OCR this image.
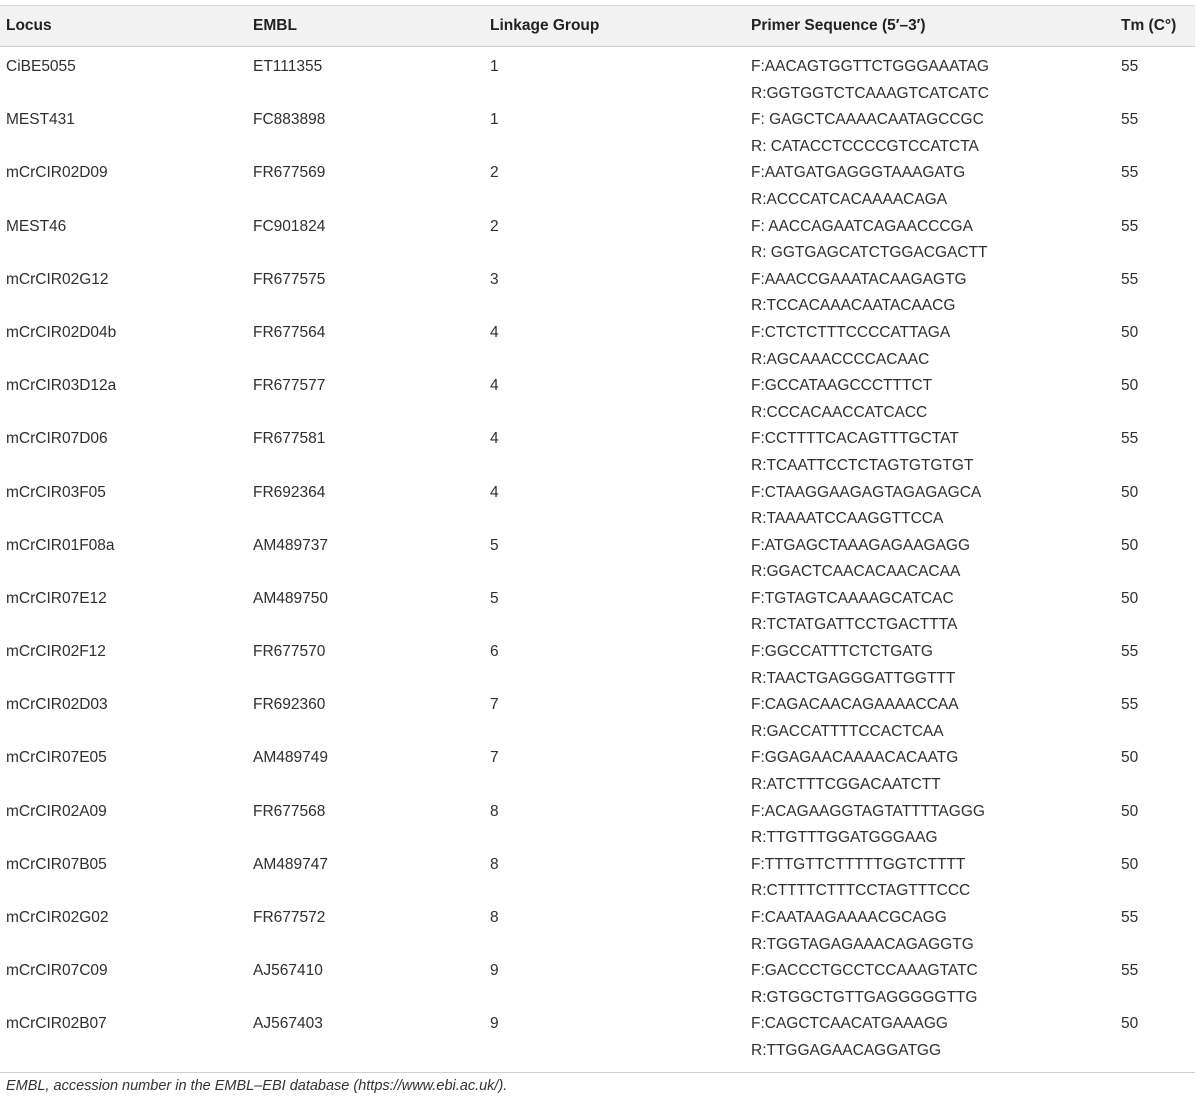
Locus	EMBL	Linkage Group	Primer Sequence (5′–3′)	Tm (C°)
CiBE5055	ET111355	1	F:AACAGTGGTTCTGGGAAATAG
R:GGTGGTCTCAAAGTCATCATC	55
MEST431	FC883898	1	F: GAGCTCAAAACAATAGCCGC
R: CATACCTCCCCGTCCATCTA	55
mCrCIR02D09	FR677569	2	F:AATGATGAGGGTAAAGATG
R:ACCCATCACAAAACAGA	55
MEST46	FC901824	2	F: AACCAGAATCAGAACCCGA
R: GGTGAGCATCTGGACGACTT	55
mCrCIR02G12	FR677575	3	F:AAACCGAAATACAAGAGTG
R:TCCACAAACAATACAACG	55
mCrCIR02D04b	FR677564	4	F:CTCTCTTTCCCCATTAGA
R:AGCAAACCCCACAAC	50
mCrCIR03D12a	FR677577	4	F:GCCATAAGCCCTTTCT
R:CCCACAACCATCACC	50
mCrCIR07D06	FR677581	4	F:CCTTTTCACAGTTTGCTAT
R:TCAATTCCTCTAGTGTGTGT	55
mCrCIR03F05	FR692364	4	F:CTAAGGAAGAGTAGAGAGCA
R:TAAAATCCAAGGTTCCA	50
mCrCIR01F08a	AM489737	5	F:ATGAGCTAAAGAGAAGAGG
R:GGACTCAACACAACACAA	50
mCrCIR07E12	AM489750	5	F:TGTAGTCAAAAGCATCAC
R:TCTATGATTCCTGACTTTA	50
mCrCIR02F12	FR677570	6	F:GGCCATTTCTCTGATG
R:TAACTGAGGGATTGGTTT	55
mCrCIR02D03	FR692360	7	F:CAGACAACAGAAAACCAA
R:GACCATTTTCCACTCAA	55
mCrCIR07E05	AM489749	7	F:GGAGAACAAAACACAATG
R:ATCTTTCGGACAATCTT	50
mCrCIR02A09	FR677568	8	F:ACAGAAGGTAGTATTTTAGGG
R:TTGTTTGGATGGGAAG	50
mCrCIR07B05	AM489747	8	F:TTTGTTCTTTTTGGTCTTTT
R:CTTTTCTTTCCTAGTTTCCC	50
mCrCIR02G02	FR677572	8	F:CAATAAGAAAACGCAGG
R:TGGTAGAGAAACAGAGGTG	55
mCrCIR07C09	AJ567410	9	F:GACCCTGCCTCCAAAGTATC
R:GTGGCTGTTGAGGGGGTTG	55
mCrCIR02B07	AJ567403	9	F:CAGCTCAACATGAAAGG
R:TTGGAGAACAGGATGG	50
EMBL, accession number in the EMBL–EBI database (https://www.ebi.ac.uk/).
